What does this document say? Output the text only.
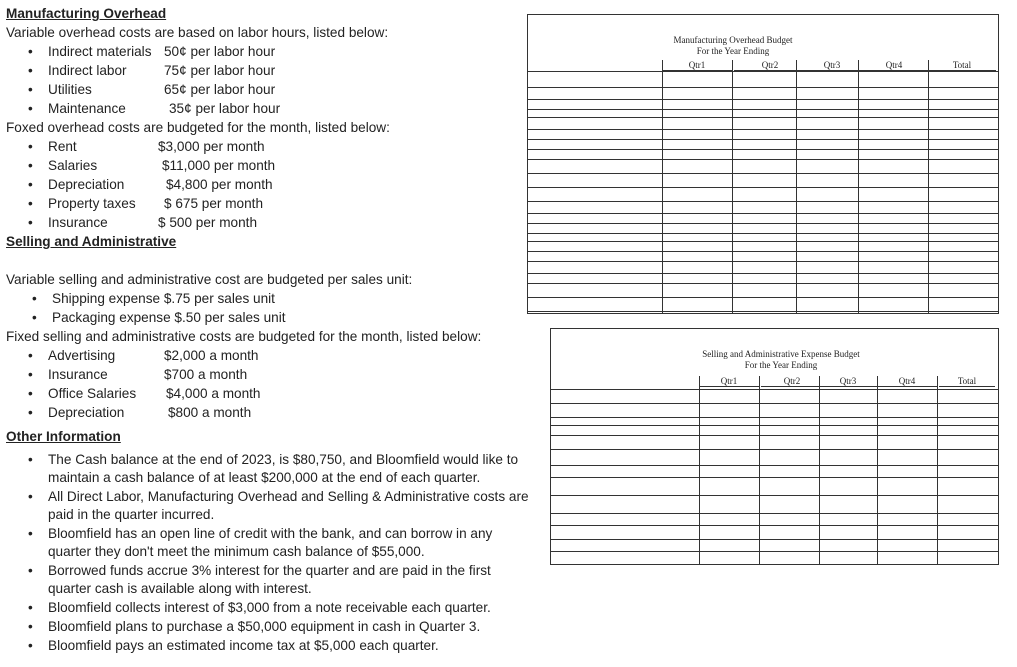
Manufacturing Overhead
Variable overhead costs are based on labor hours, listed below:
• Indirect materials 50¢ per labor hour
• Indirect labor	75¢ per labor hour
• Utilities	65¢ per labor hour
• Maintenance	35¢ per labor hour
Foxed overhead costs are budgeted for the month, listed below:
• Rent	$3,000 per month
• Salaries	$11,000 per month
• Depreciation	$4,800 per month
• Property taxes $ 675 per month
• Insurance	$ 500 per month
Selling and Administrative
Variable selling and administrative cost are budgeted per sales unit:
• Shipping expense $.75 per sales unit
• Packaging expense $.50 per sales unit
Fixed selling and administrative costs are budgeted for the month, listed below:
• Advertising	$2,000 a month
• Insurance	$700 a month
• Office Salaries $4,000 a month
• Depreciation	$800 a month
Other Information
• The Cash balance at the end of 2023, is $80,750, and Bloomfield would like to maintain a cash balance of at least $200,000 at the end of each quarter.
• All Direct Labor, Manufacturing Overhead and Selling & Administrative costs are paid in the quarter incurred.
• Bloomfield has an open line of credit with the bank, and can borrow in any quarter they don't meet the minimum cash balance of $55,000.
• Borrowed funds accrue 3% interest for the quarter and are paid in the first quarter cash is available along with interest.
• Bloomfield collects interest of $3,000 from a note receivable each quarter.
• Bloomfield plans to purchase a $50,000 equipment in cash in Quarter 3.
• Bloomfield pays an estimated income tax at $5,000 each quarter.
Manufacturing Overhead Budget
For the Year Ending
Qtr1	Qtr2	Qtr3	Qtr4	Total
Selling and Administrative Expense Budget
For the Year Ending
Qtr1	Qtr2	Qtr3	Qtr4	Total
